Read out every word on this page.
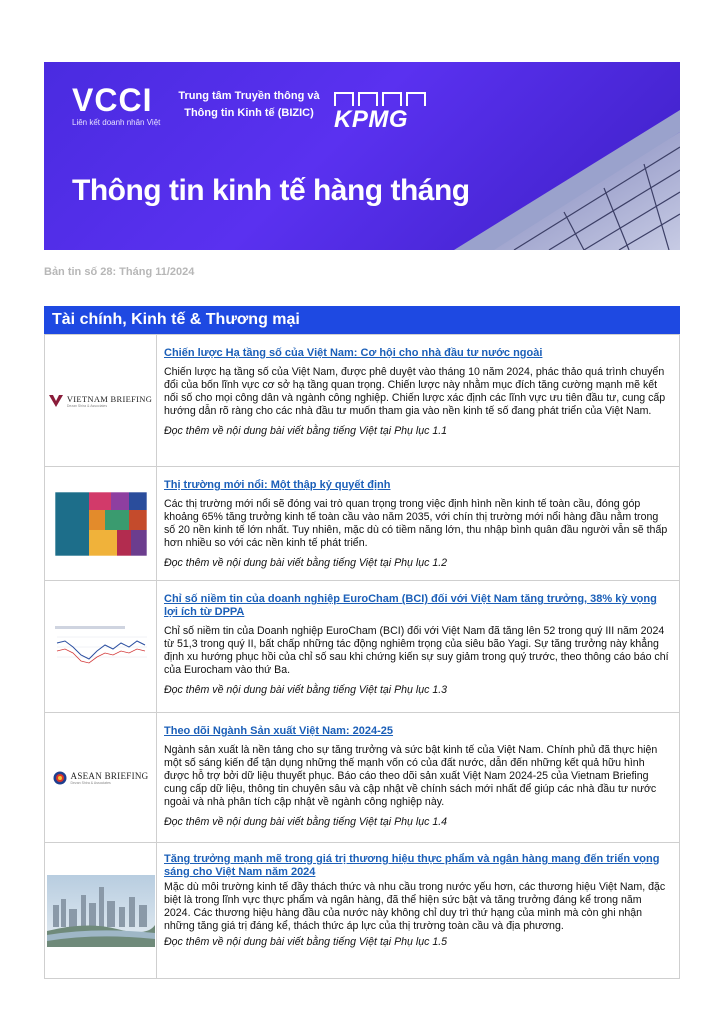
VCCI
Liên kết doanh nhân Việt
Trung tâm Truyền thông và
Thông tin Kinh tế (BIZIC) KPMG
Thông tin kinh tế hàng tháng
Bản tin số 28: Tháng 11/2024
Tài chính, Kinh tế & Thương mại
VIETNAM BRIEFING
Dezan Shira & Associates
Chiến lược Hạ tầng số của Việt Nam: Cơ hội cho nhà đầu tư nước ngoài
Chiến lược hạ tầng số của Việt Nam, được phê duyệt vào tháng 10 năm 2024, phác thảo quá trình chuyển đổi của bốn lĩnh vực cơ sở hạ tầng quan trọng. Chiến lược này nhằm mục đích tăng cường mạnh mẽ kết nối số cho mọi công dân và ngành công nghiệp. Chiến lược xác định các lĩnh vực ưu tiên đầu tư, cung cấp hướng dẫn rõ ràng cho các nhà đầu tư muốn tham gia vào nền kinh tế số đang phát triển của Việt Nam.
Đọc thêm về nội dung bài viết bằng tiếng Việt tại Phụ lục 1.1
Thị trường mới nổi: Một thập kỷ quyết định
Các thị trường mới nổi sẽ đóng vai trò quan trọng trong việc định hình nền kinh tế toàn cầu, đóng góp khoảng 65% tăng trưởng kinh tế toàn cầu vào năm 2035, với chín thị trường mới nổi hàng đầu nằm trong số 20 nền kinh tế lớn nhất. Tuy nhiên, mặc dù có tiềm năng lớn, thu nhập bình quân đầu người vẫn sẽ thấp hơn nhiều so với các nền kinh tế phát triển.
Đọc thêm về nội dung bài viết bằng tiếng Việt tại Phụ lục 1.2
Chỉ số niềm tin của doanh nghiệp EuroCham (BCI) đối với Việt Nam tăng trưởng, 38% kỳ vọng lợi ích từ DPPA
Chỉ số niềm tin của Doanh nghiệp EuroCham (BCI) đối với Việt Nam đã tăng lên 52 trong quý III năm 2024 từ 51,3 trong quý II, bất chấp những tác động nghiêm trọng của siêu bão Yagi. Sự tăng trưởng này khẳng định xu hướng phục hồi của chỉ số sau khi chứng kiến sự suy giảm trong quý trước, theo thông cáo báo chí của Eurocham vào thứ Ba.
Đọc thêm về nội dung bài viết bằng tiếng Việt tại Phụ lục 1.3
ASEAN BRIEFING
Dezan Shira & Associates
Theo dõi Ngành Sản xuất Việt Nam: 2024-25
Ngành sản xuất là nền tảng cho sự tăng trưởng và sức bật kinh tế của Việt Nam. Chính phủ đã thực hiện một số sáng kiến để tận dụng những thế mạnh vốn có của đất nước, dẫn đến những kết quả hữu hình được hỗ trợ bởi dữ liệu thuyết phục. Báo cáo theo dõi sản xuất Việt Nam 2024-25 của Vietnam Briefing cung cấp dữ liệu, thông tin chuyên sâu và cập nhật về chính sách mới nhất để giúp các nhà đầu tư nước ngoài và nhà phân tích cập nhật về ngành công nghiệp này.
Đọc thêm về nội dung bài viết bằng tiếng Việt tại Phụ lục 1.4
Tăng trưởng mạnh mẽ trong giá trị thương hiệu thực phẩm và ngân hàng mang đến triển vọng sáng cho Việt Nam năm 2024
Mặc dù môi trường kinh tế đầy thách thức và nhu cầu trong nước yếu hơn, các thương hiệu Việt Nam, đặc biệt là trong lĩnh vực thực phẩm và ngân hàng, đã thể hiện sức bật và tăng trưởng đáng kể trong năm 2024. Các thương hiệu hàng đầu của nước này không chỉ duy trì thứ hạng của mình mà còn ghi nhận những tăng giá trị đáng kể, thách thức áp lực của thị trường toàn cầu và địa phương.
Đọc thêm về nội dung bài viết bằng tiếng Việt tại Phụ lục 1.5
